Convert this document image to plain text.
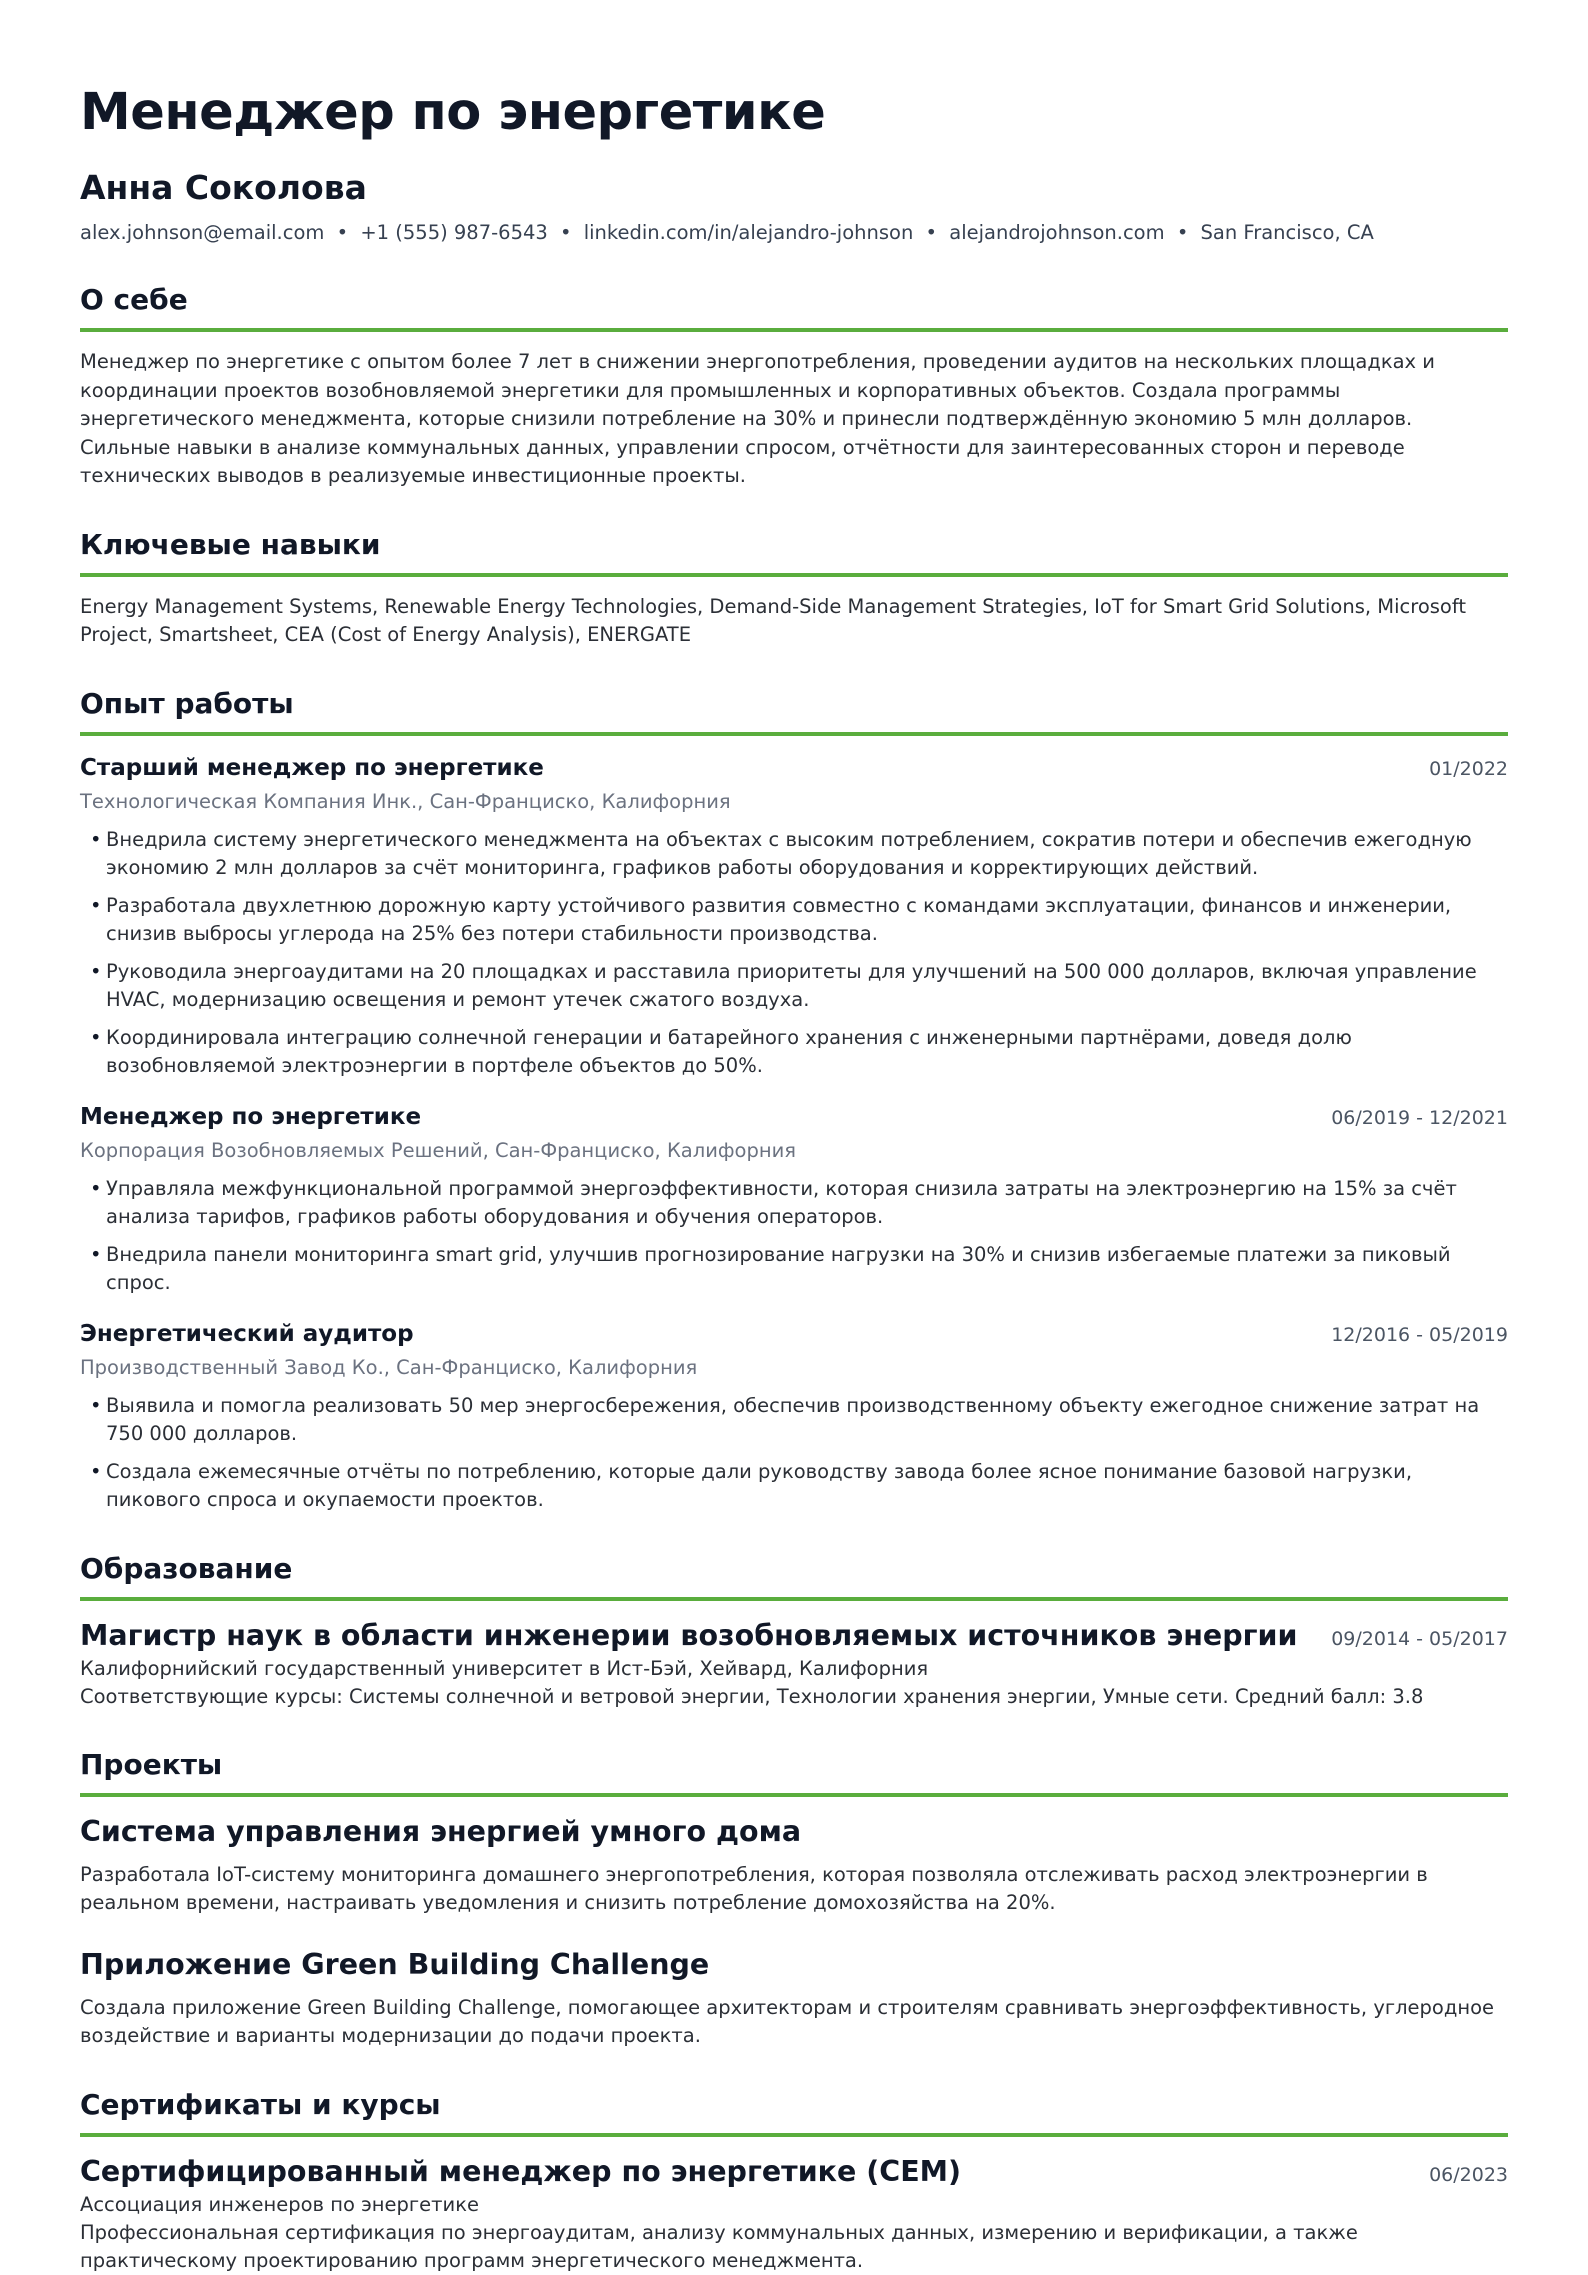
Менеджер по энергетике
Анна Соколова
alex.johnson@email.com • +1 (555) 987-6543 • linkedin.com/in/alejandro-johnson • alejandrojohnson.com • San Francisco, CA
О себе

Менеджер по энергетике с опытом более 7 лет в снижении энергопотребления, проведении аудитов на нескольких площадках и координации проектов возобновляемой энергетики для промышленных и корпоративных объектов. Создала программы энергетического менеджмента, которые снизили потребление на 30% и принесли подтверждённую экономию 5 млн долларов. Сильные навыки в анализе коммунальных данных, управлении спросом, отчётности для заинтересованных сторон и переводе технических выводов в реализуемые инвестиционные проекты.

Ключевые навыки

Energy Management Systems, Renewable Energy Technologies, Demand-Side Management Strategies, IoT for Smart Grid Solutions, Microsoft Project, Smartsheet, CEA (Cost of Energy Analysis), ENERGATE

Опыт работы
Старший менеджер по энергетике	01/2022
Технологическая Компания Инк., Сан-Франциско, Калифорния
• Внедрила систему энергетического менеджмента на объектах с высоким потреблением, сократив потери и обеспечив ежегодную экономию 2 млн долларов за счёт мониторинга, графиков работы оборудования и корректирующих действий.
• Разработала двухлетнюю дорожную карту устойчивого развития совместно с командами эксплуатации, финансов и инженерии, снизив выбросы углерода на 25% без потери стабильности производства.
• Руководила энергоаудитами на 20 площадках и расставила приоритеты для улучшений на 500 000 долларов, включая управление HVAC, модернизацию освещения и ремонт утечек сжатого воздуха.
• Координировала интеграцию солнечной генерации и батарейного хранения с инженерными партнёрами, доведя долю возобновляемой электроэнергии в портфеле объектов до 50%.
Менеджер по энергетике	06/2019 - 12/2021
Корпорация Возобновляемых Решений, Сан-Франциско, Калифорния
• Управляла межфункциональной программой энергоэффективности, которая снизила затраты на электроэнергию на 15% за счёт анализа тарифов, графиков работы оборудования и обучения операторов.
• Внедрила панели мониторинга smart grid, улучшив прогнозирование нагрузки на 30% и снизив избегаемые платежи за пиковый спрос.
Энергетический аудитор	12/2016 - 05/2019
Производственный Завод Ко., Сан-Франциско, Калифорния
• Выявила и помогла реализовать 50 мер энергосбережения, обеспечив производственному объекту ежегодное снижение затрат на 750 000 долларов.
• Создала ежемесячные отчёты по потреблению, которые дали руководству завода более ясное понимание базовой нагрузки, пикового спроса и окупаемости проектов.
Образование
Магистр наук в области инженерии возобновляемых источников энергии 09/2014 - 05/2017
Калифорнийский государственный университет в Ист-Бэй, Хейвард, Калифорния
Соответствующие курсы: Системы солнечной и ветровой энергии, Технологии хранения энергии, Умные сети. Средний балл: 3.8
Проекты
Система управления энергией умного дома

Разработала IoT-систему мониторинга домашнего энергопотребления, которая позволяла отслеживать расход электроэнергии в реальном времени, настраивать уведомления и снизить потребление домохозяйства на 20%.

Приложение Green Building Challenge

Создала приложение Green Building Challenge, помогающее архитекторам и строителям сравнивать энергоэффективность, углеродное воздействие и варианты модернизации до подачи проекта.

Сертификаты и курсы
Сертифицированный менеджер по энергетике (CEM)	06/2023
Ассоциация инженеров по энергетике
Профессиональная сертификация по энергоаудитам, анализу коммунальных данных, измерению и верификации, а также практическому проектированию программ энергетического менеджмента.
